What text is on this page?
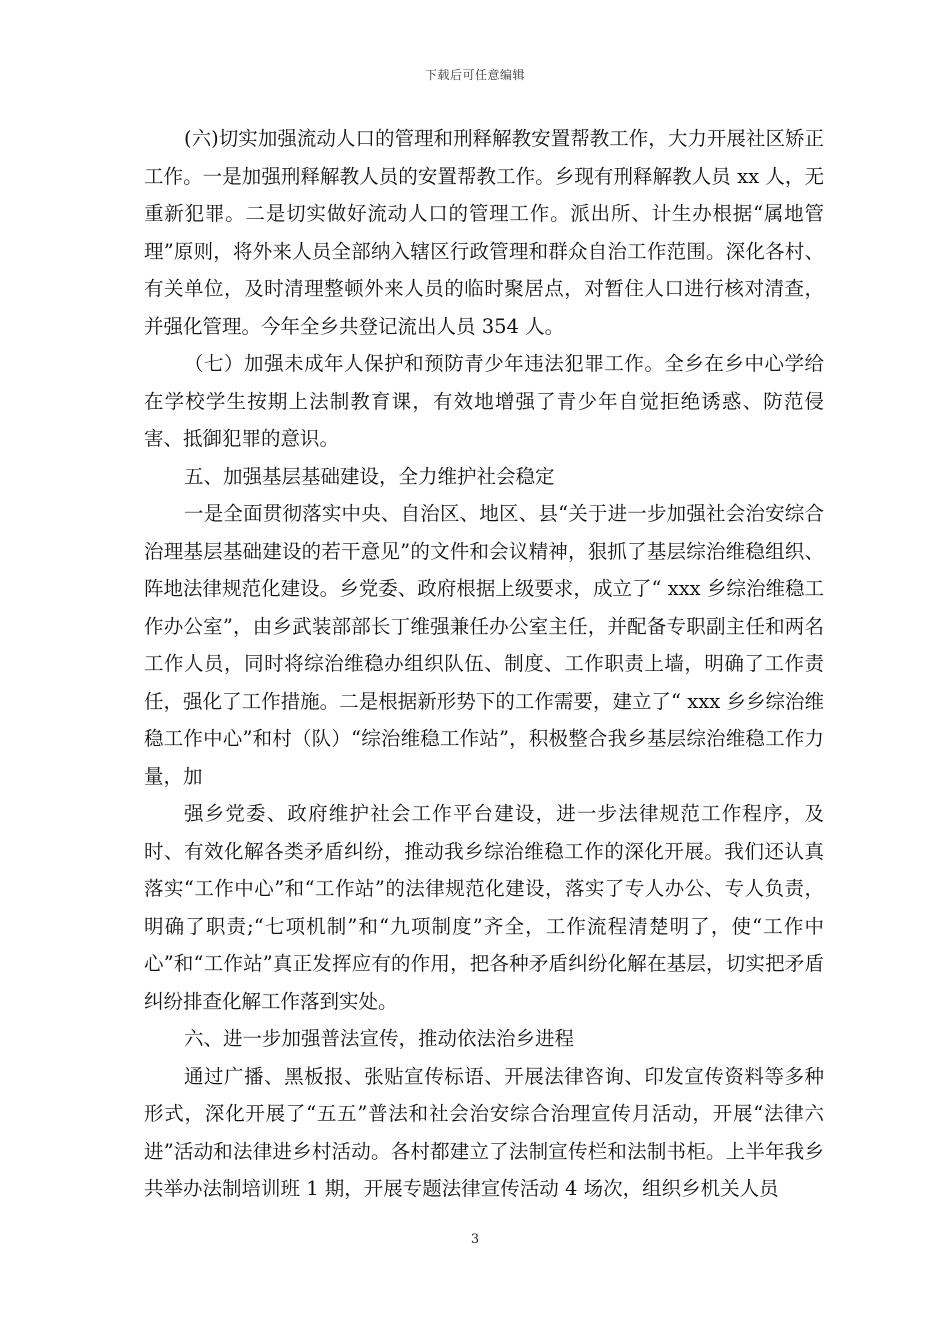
下载后可任意编辑

(六)切实加强流动人口的管理和刑释解教安置帮教工作，大力开展社区矫正工作。一是加强刑释解教人员的安置帮教工作。乡现有刑释解教人员 xx 人，无重新犯罪。二是切实做好流动人口的管理工作。派出所、计生办根据“属地管理”原则，将外来人员全部纳入辖区行政管理和群众自治工作范围。深化各村、有关单位，及时清理整顿外来人员的临时聚居点，对暂住人口进行核对清查，并强化管理。今年全乡共登记流出人员 354 人。

（七）加强未成年人保护和预防青少年违法犯罪工作。全乡在乡中心学给在学校学生按期上法制教育课，有效地增强了青少年自觉拒绝诱惑、防范侵害、抵御犯罪的意识。

五、加强基层基础建设，全力维护社会稳定

一是全面贯彻落实中央、自治区、地区、县“关于进一步加强社会治安综合治理基层基础建设的若干意见”的文件和会议精神，狠抓了基层综治维稳组织、阵地法律规范化建设。乡党委、政府根据上级要求，成立了“ xxx 乡综治维稳工作办公室”，由乡武装部部长丁维强兼任办公室主任，并配备专职副主任和两名工作人员，同时将综治维稳办组织队伍、制度、工作职责上墙，明确了工作责任，强化了工作措施。二是根据新形势下的工作需要，建立了“ xxx 乡乡综治维稳工作中心”和村（队）“综治维稳工作站”，积极整合我乡基层综治维稳工作力量，加

强乡党委、政府维护社会工作平台建设，进一步法律规范工作程序，及时、有效化解各类矛盾纠纷，推动我乡综治维稳工作的深化开展。我们还认真落实“工作中心”和“工作站”的法律规范化建设，落实了专人办公、专人负责，明确了职责;“七项机制”和“九项制度”齐全，工作流程清楚明了，使“工作中心”和“工作站”真正发挥应有的作用，把各种矛盾纠纷化解在基层，切实把矛盾纠纷排查化解工作落到实处。

六、进一步加强普法宣传，推动依法治乡进程

通过广播、黑板报、张贴宣传标语、开展法律咨询、印发宣传资料等多种形式，深化开展了“五五”普法和社会治安综合治理宣传月活动，开展“法律六进”活动和法律进乡村活动。各村都建立了法制宣传栏和法制书柜。上半年我乡共举办法制培训班 1 期，开展专题法律宣传活动 4 场次，组织乡机关人员

3
